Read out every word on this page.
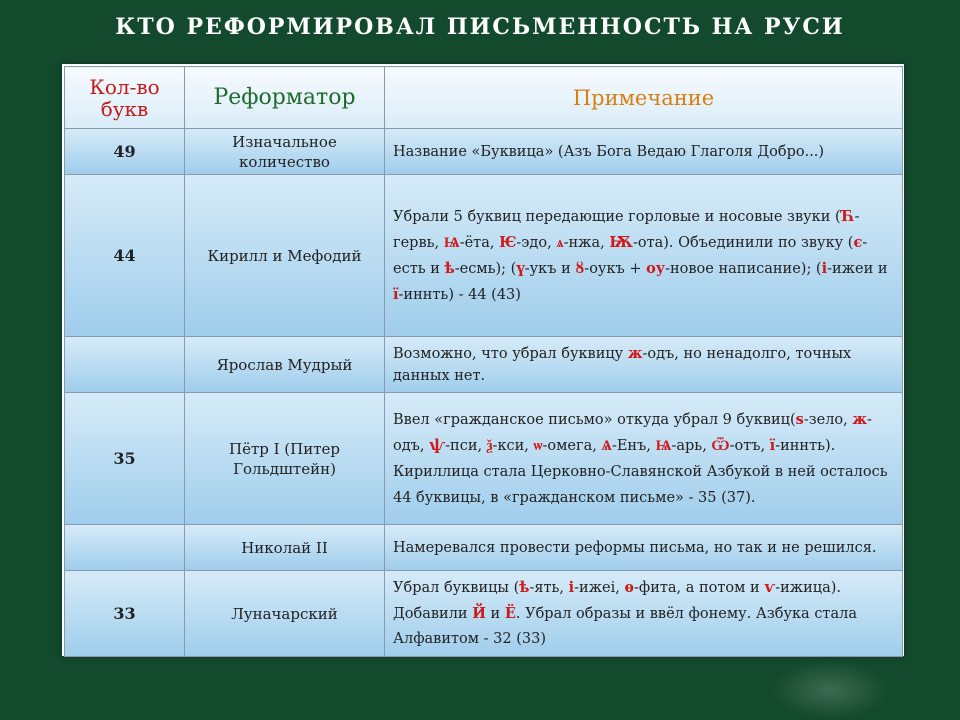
КТО РЕФОРМИРОВАЛ ПИСЬМЕННОСТЬ НА РУСИ
Кол-во букв	Реформатор	Примечание
49	Изначальное количество	Название «Буквица» (Азъ Бога Ведаю Глаголя Добро...)
44	Кирилл и Мефодий	Убрали 5 буквиц передающие горловые и носовые звуки (Ћ-гервь, Ѩ-ёта, Ѥ-эдо, ѧ-нжа, Ѭ-ота). Объединили по звуку (є-есть и ѣ-есмь); (ү-укъ и ȣ-оукъ + оу-новое написание); (і-ижеи и ї-иннть) - 44 (43)
	Ярослав Мудрый	Возможно, что убрал буквицу ж-одъ, но ненадолго, точных данных нет.
35	Пётр I (Питер Гольдштейн)	Ввел «гражданское письмо» откуда убрал 9 буквиц(ѕ-зело, ж-одъ, ѱ-пси, ѯ-кси, ѡ-омега, Ѧ-Енъ, Ѩ-арь, Ѿ-отъ, ї-иннть). Кириллица стала Церковно-Славянской Азбукой в ней осталось 44 буквицы, в «гражданском письме» - 35 (37).
	Николай II	Намеревался провести реформы письма, но так и не решился.
33	Луначарский	Убрал буквицы (ѣ-ять, і-ижеі, ѳ-фита, а потом и ѵ-ижица). Добавили Й и Ё. Убрал образы и ввёл фонему. Азбука стала Алфавитом - 32 (33)
